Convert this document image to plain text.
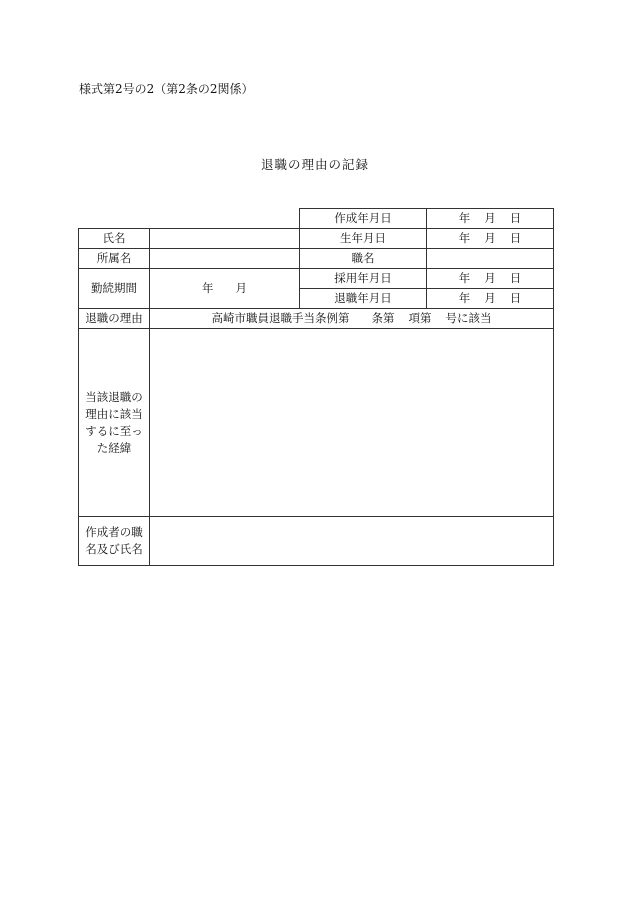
様式第2号の2（第2条の2関係）
退職の理由の記録
		作成年月日	年 月 日
氏名		生年月日	年 月 日
所属名		職名	
勤続期間	年 月	採用年月日	年 月 日
		退職年月日	年 月 日
退職の理由	高崎市職員退職手当条例第 条第 項第 号に該当		
当該退職の理由に該当するに至った経緯			
作成者の職名及び氏名			
